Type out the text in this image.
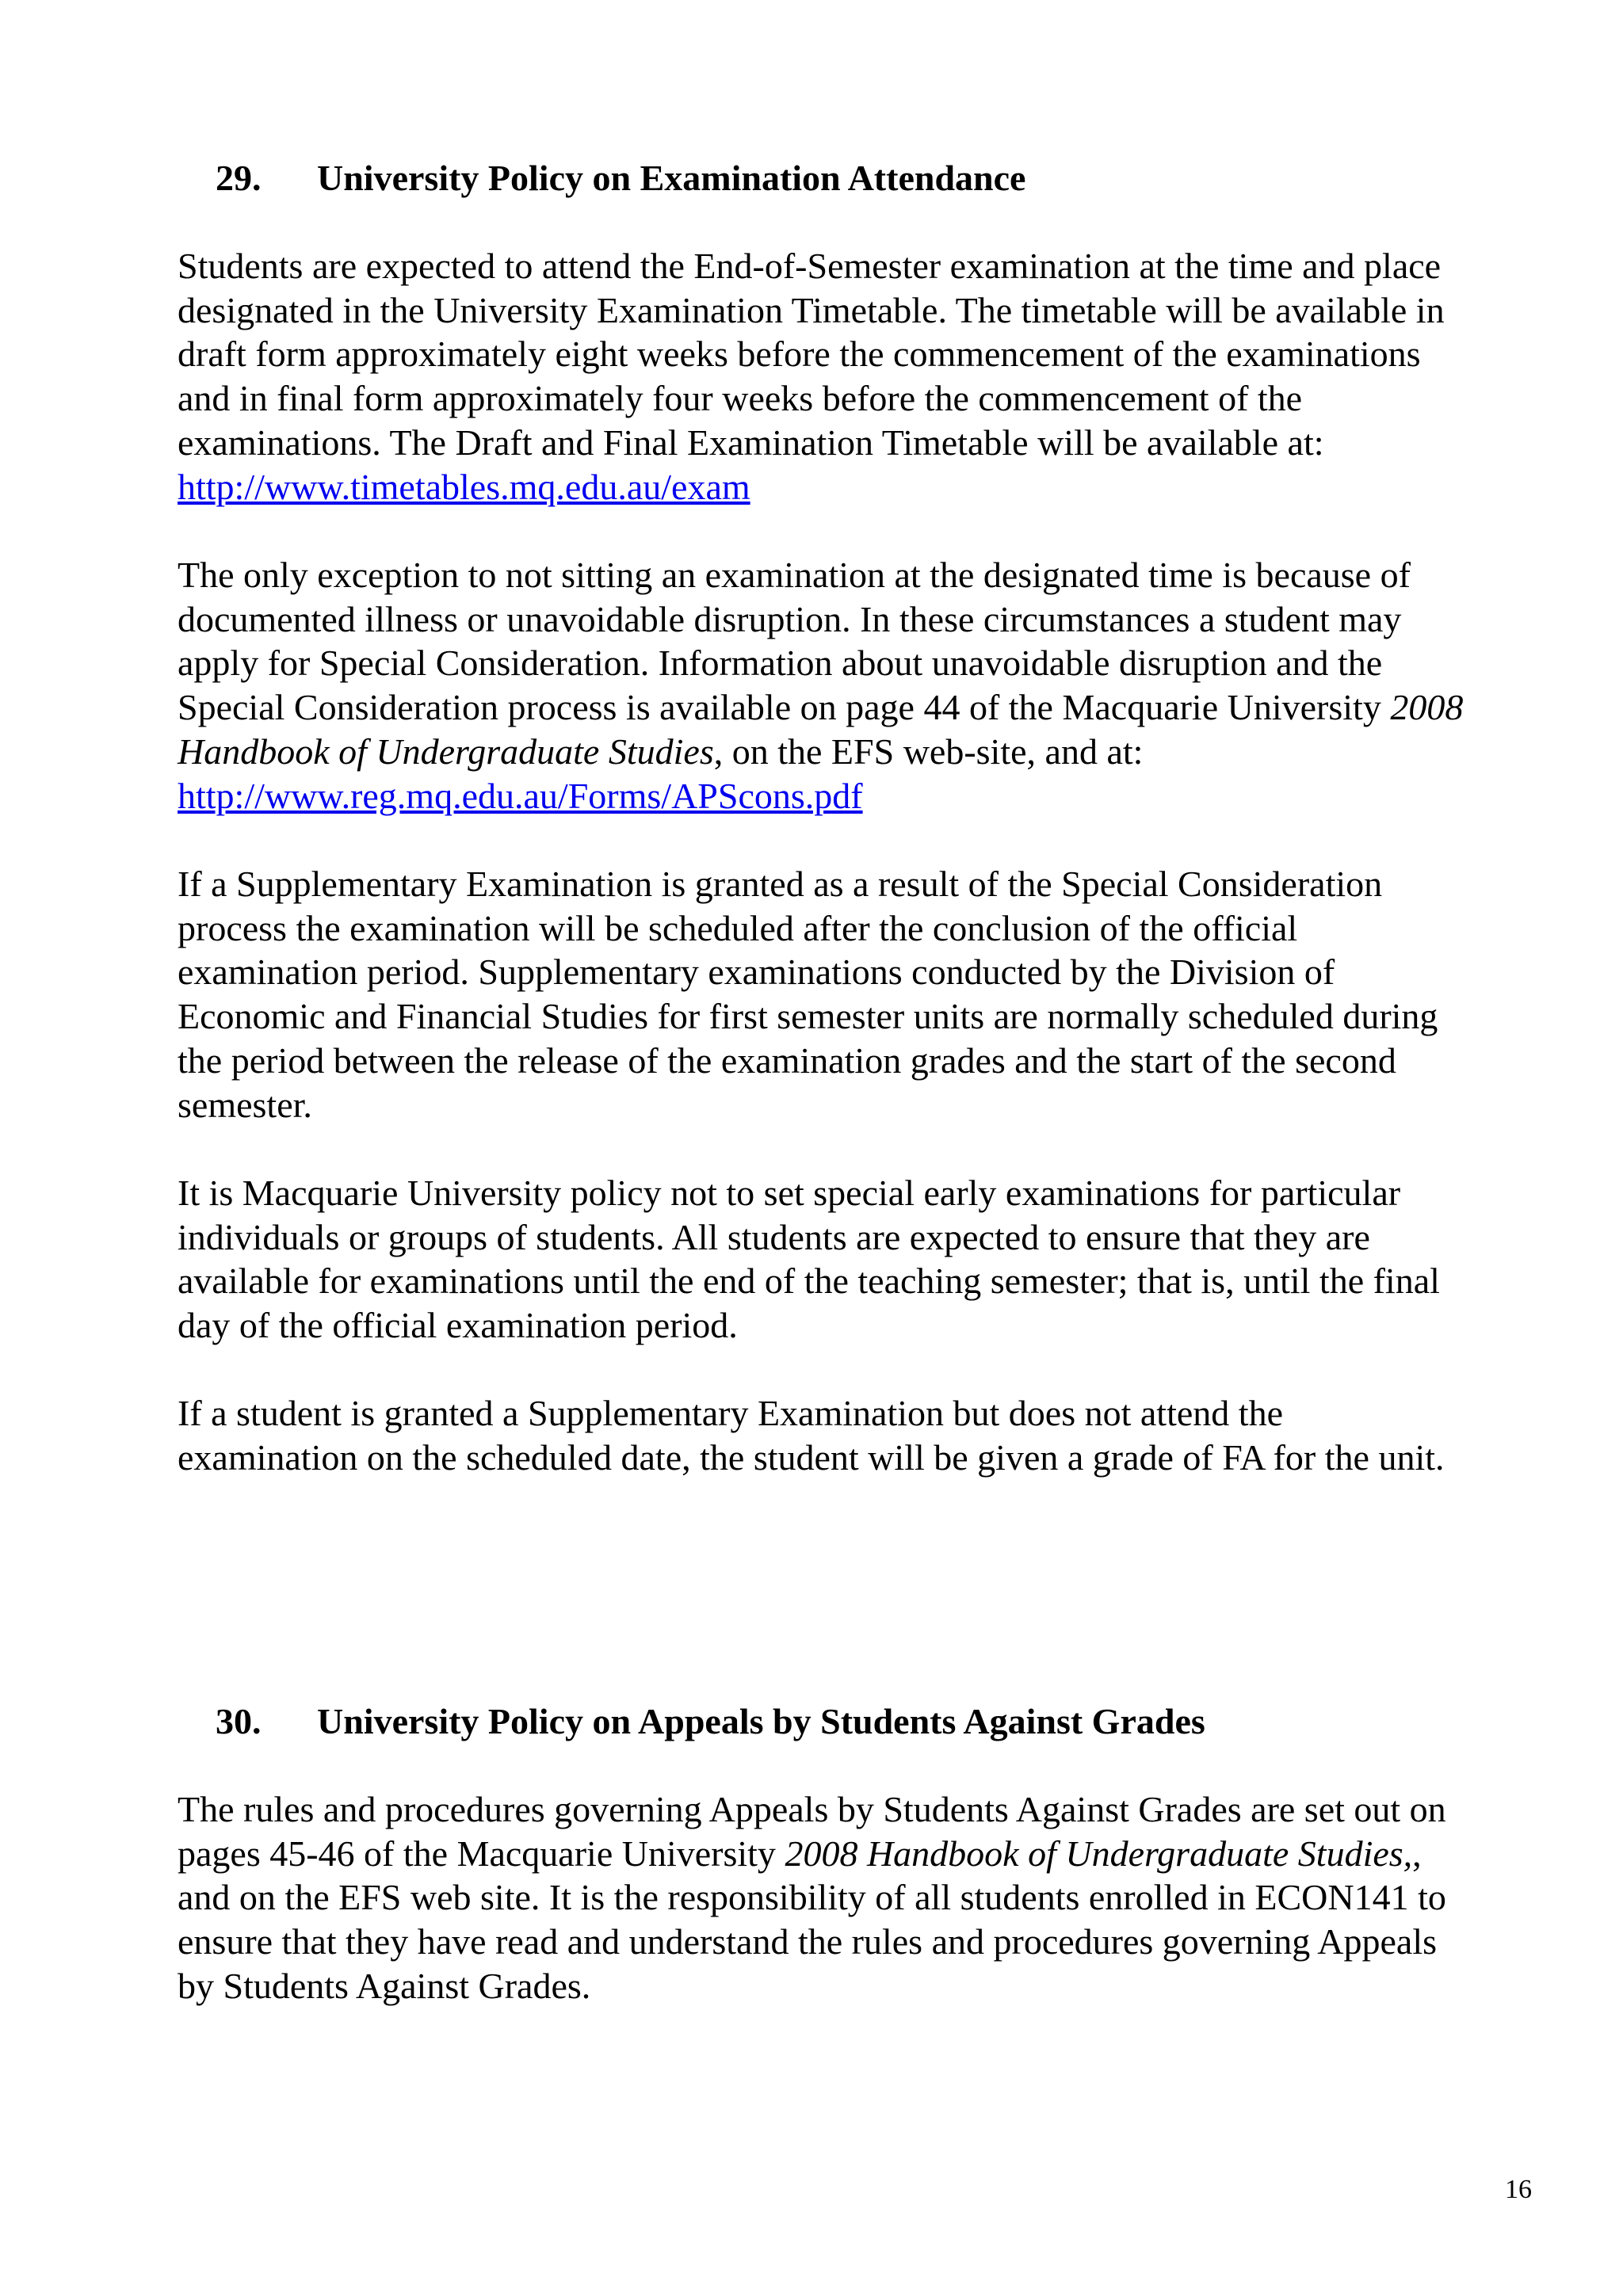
29. University Policy on Examination Attendance
Students are expected to attend the End-of-Semester examination at the time and place
designated in the University Examination Timetable. The timetable will be available in
draft form approximately eight weeks before the commencement of the examinations
and in final form approximately four weeks before the commencement of the
examinations. The Draft and Final Examination Timetable will be available at:
http://www.timetables.mq.edu.au/exam
The only exception to not sitting an examination at the designated time is because of
documented illness or unavoidable disruption. In these circumstances a student may
apply for Special Consideration. Information about unavoidable disruption and the
Special Consideration process is available on page 44 of the Macquarie University 2008
Handbook of Undergraduate Studies, on the EFS web-site, and at:
http://www.reg.mq.edu.au/Forms/APScons.pdf
If a Supplementary Examination is granted as a result of the Special Consideration
process the examination will be scheduled after the conclusion of the official
examination period. Supplementary examinations conducted by the Division of
Economic and Financial Studies for first semester units are normally scheduled during
the period between the release of the examination grades and the start of the second
semester.
It is Macquarie University policy not to set special early examinations for particular
individuals or groups of students. All students are expected to ensure that they are
available for examinations until the end of the teaching semester; that is, until the final
day of the official examination period.
If a student is granted a Supplementary Examination but does not attend the
examination on the scheduled date, the student will be given a grade of FA for the unit.
30. University Policy on Appeals by Students Against Grades
The rules and procedures governing Appeals by Students Against Grades are set out on
pages 45-46 of the Macquarie University 2008 Handbook of Undergraduate Studies,,
and on the EFS web site. It is the responsibility of all students enrolled in ECON141 to
ensure that they have read and understand the rules and procedures governing Appeals
by Students Against Grades.
16
